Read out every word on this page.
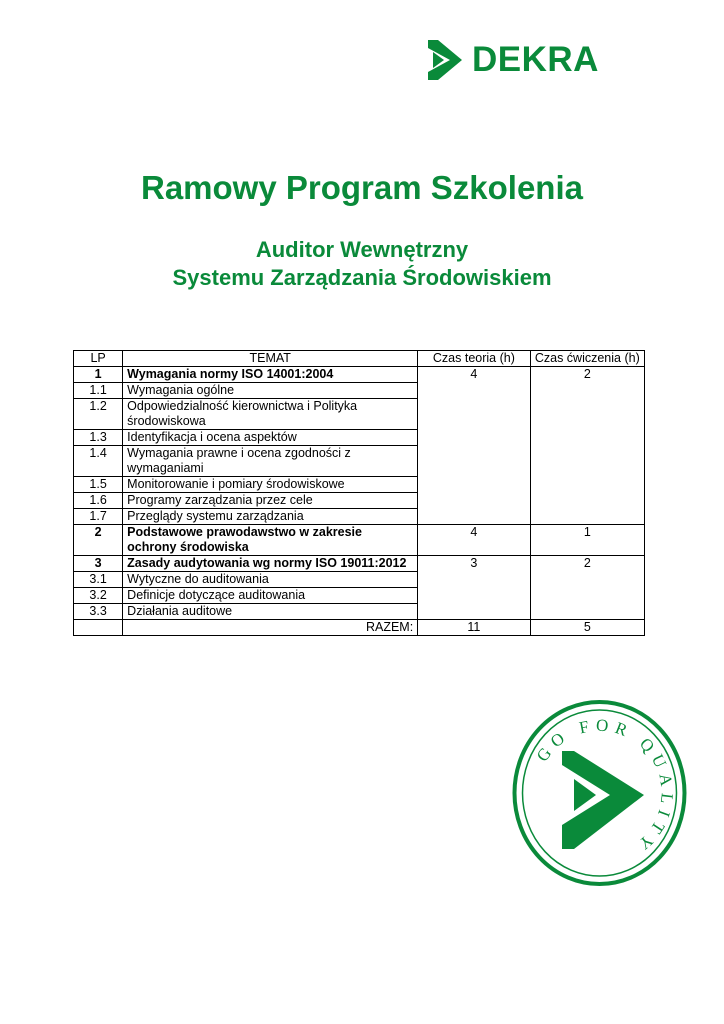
DEKRA
Ramowy Program Szkolenia
Auditor Wewnętrzny
Systemu Zarządzania Środowiskiem
LP	TEMAT	Czas teoria (h)	Czas ćwiczenia (h)
1	Wymagania normy ISO 14001:2004	4	2
1.1	Wymagania ogólne		
1.2	Odpowiedzialność kierownictwa i Polityka środowiskowa		
1.3	Identyfikacja i ocena aspektów		
1.4	Wymagania prawne i ocena zgodności z wymaganiami		
1.5	Monitorowanie i pomiary środowiskowe		
1.6	Programy zarządzania przez cele		
1.7	Przeglądy systemu zarządzania		
2	Podstawowe prawodawstwo w zakresie ochrony środowiska	4	1
3	Zasady audytowania wg normy ISO 19011:2012	3	2
3.1	Wytyczne do auditowania		
3.2	Definicje dotyczące auditowania		
3.3	Działania auditowe		
	RAZEM:	11	5
GO FOR QUALITY
